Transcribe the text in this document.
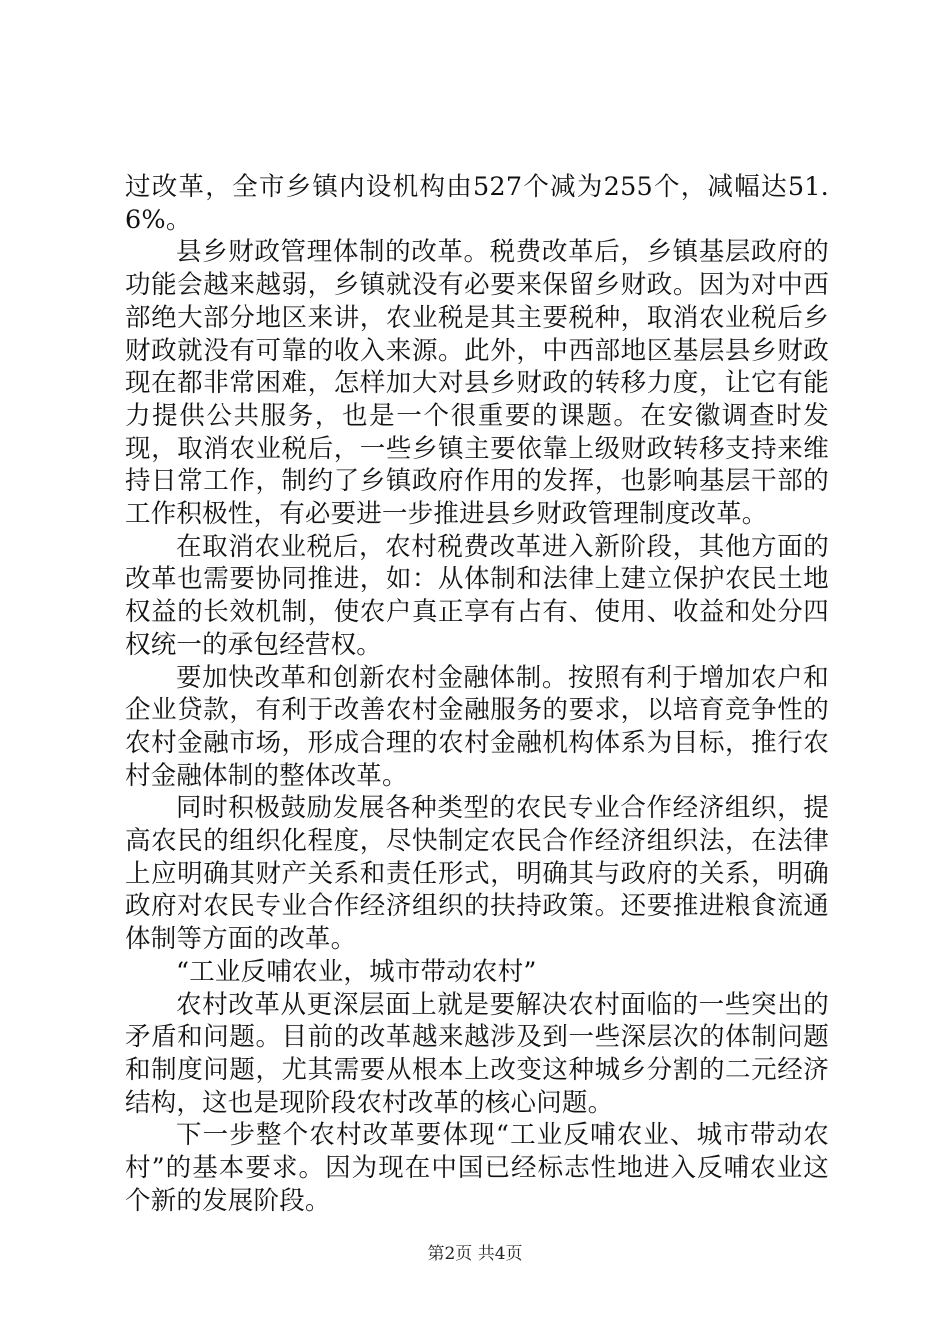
过改革，全市乡镇内设机构由527个减为255个，减幅达51.6%。

县乡财政管理体制的改革。税费改革后，乡镇基层政府的功能会越来越弱，乡镇就没有必要来保留乡财政。因为对中西部绝大部分地区来讲，农业税是其主要税种，取消农业税后乡财政就没有可靠的收入来源。此外，中西部地区基层县乡财政现在都非常困难，怎样加大对县乡财政的转移力度，让它有能力提供公共服务，也是一个很重要的课题。在安徽调查时发现，取消农业税后，一些乡镇主要依靠上级财政转移支持来维持日常工作，制约了乡镇政府作用的发挥，也影响基层干部的工作积极性，有必要进一步推进县乡财政管理制度改革。

在取消农业税后，农村税费改革进入新阶段，其他方面的改革也需要协同推进，如：从体制和法律上建立保护农民土地权益的长效机制，使农户真正享有占有、使用、收益和处分四权统一的承包经营权。

要加快改革和创新农村金融体制。按照有利于增加农户和企业贷款，有利于改善农村金融服务的要求，以培育竞争性的农村金融市场，形成合理的农村金融机构体系为目标，推行农村金融体制的整体改革。

同时积极鼓励发展各种类型的农民专业合作经济组织，提高农民的组织化程度，尽快制定农民合作经济组织法，在法律上应明确其财产关系和责任形式，明确其与政府的关系，明确政府对农民专业合作经济组织的扶持政策。还要推进粮食流通体制等方面的改革。

“工业反哺农业，城市带动农村”

农村改革从更深层面上就是要解决农村面临的一些突出的矛盾和问题。目前的改革越来越涉及到一些深层次的体制问题和制度问题，尤其需要从根本上改变这种城乡分割的二元经济结构，这也是现阶段农村改革的核心问题。

下一步整个农村改革要体现“工业反哺农业、城市带动农村”的基本要求。因为现在中国已经标志性地进入反哺农业这个新的发展阶段。

第2页 共4页
